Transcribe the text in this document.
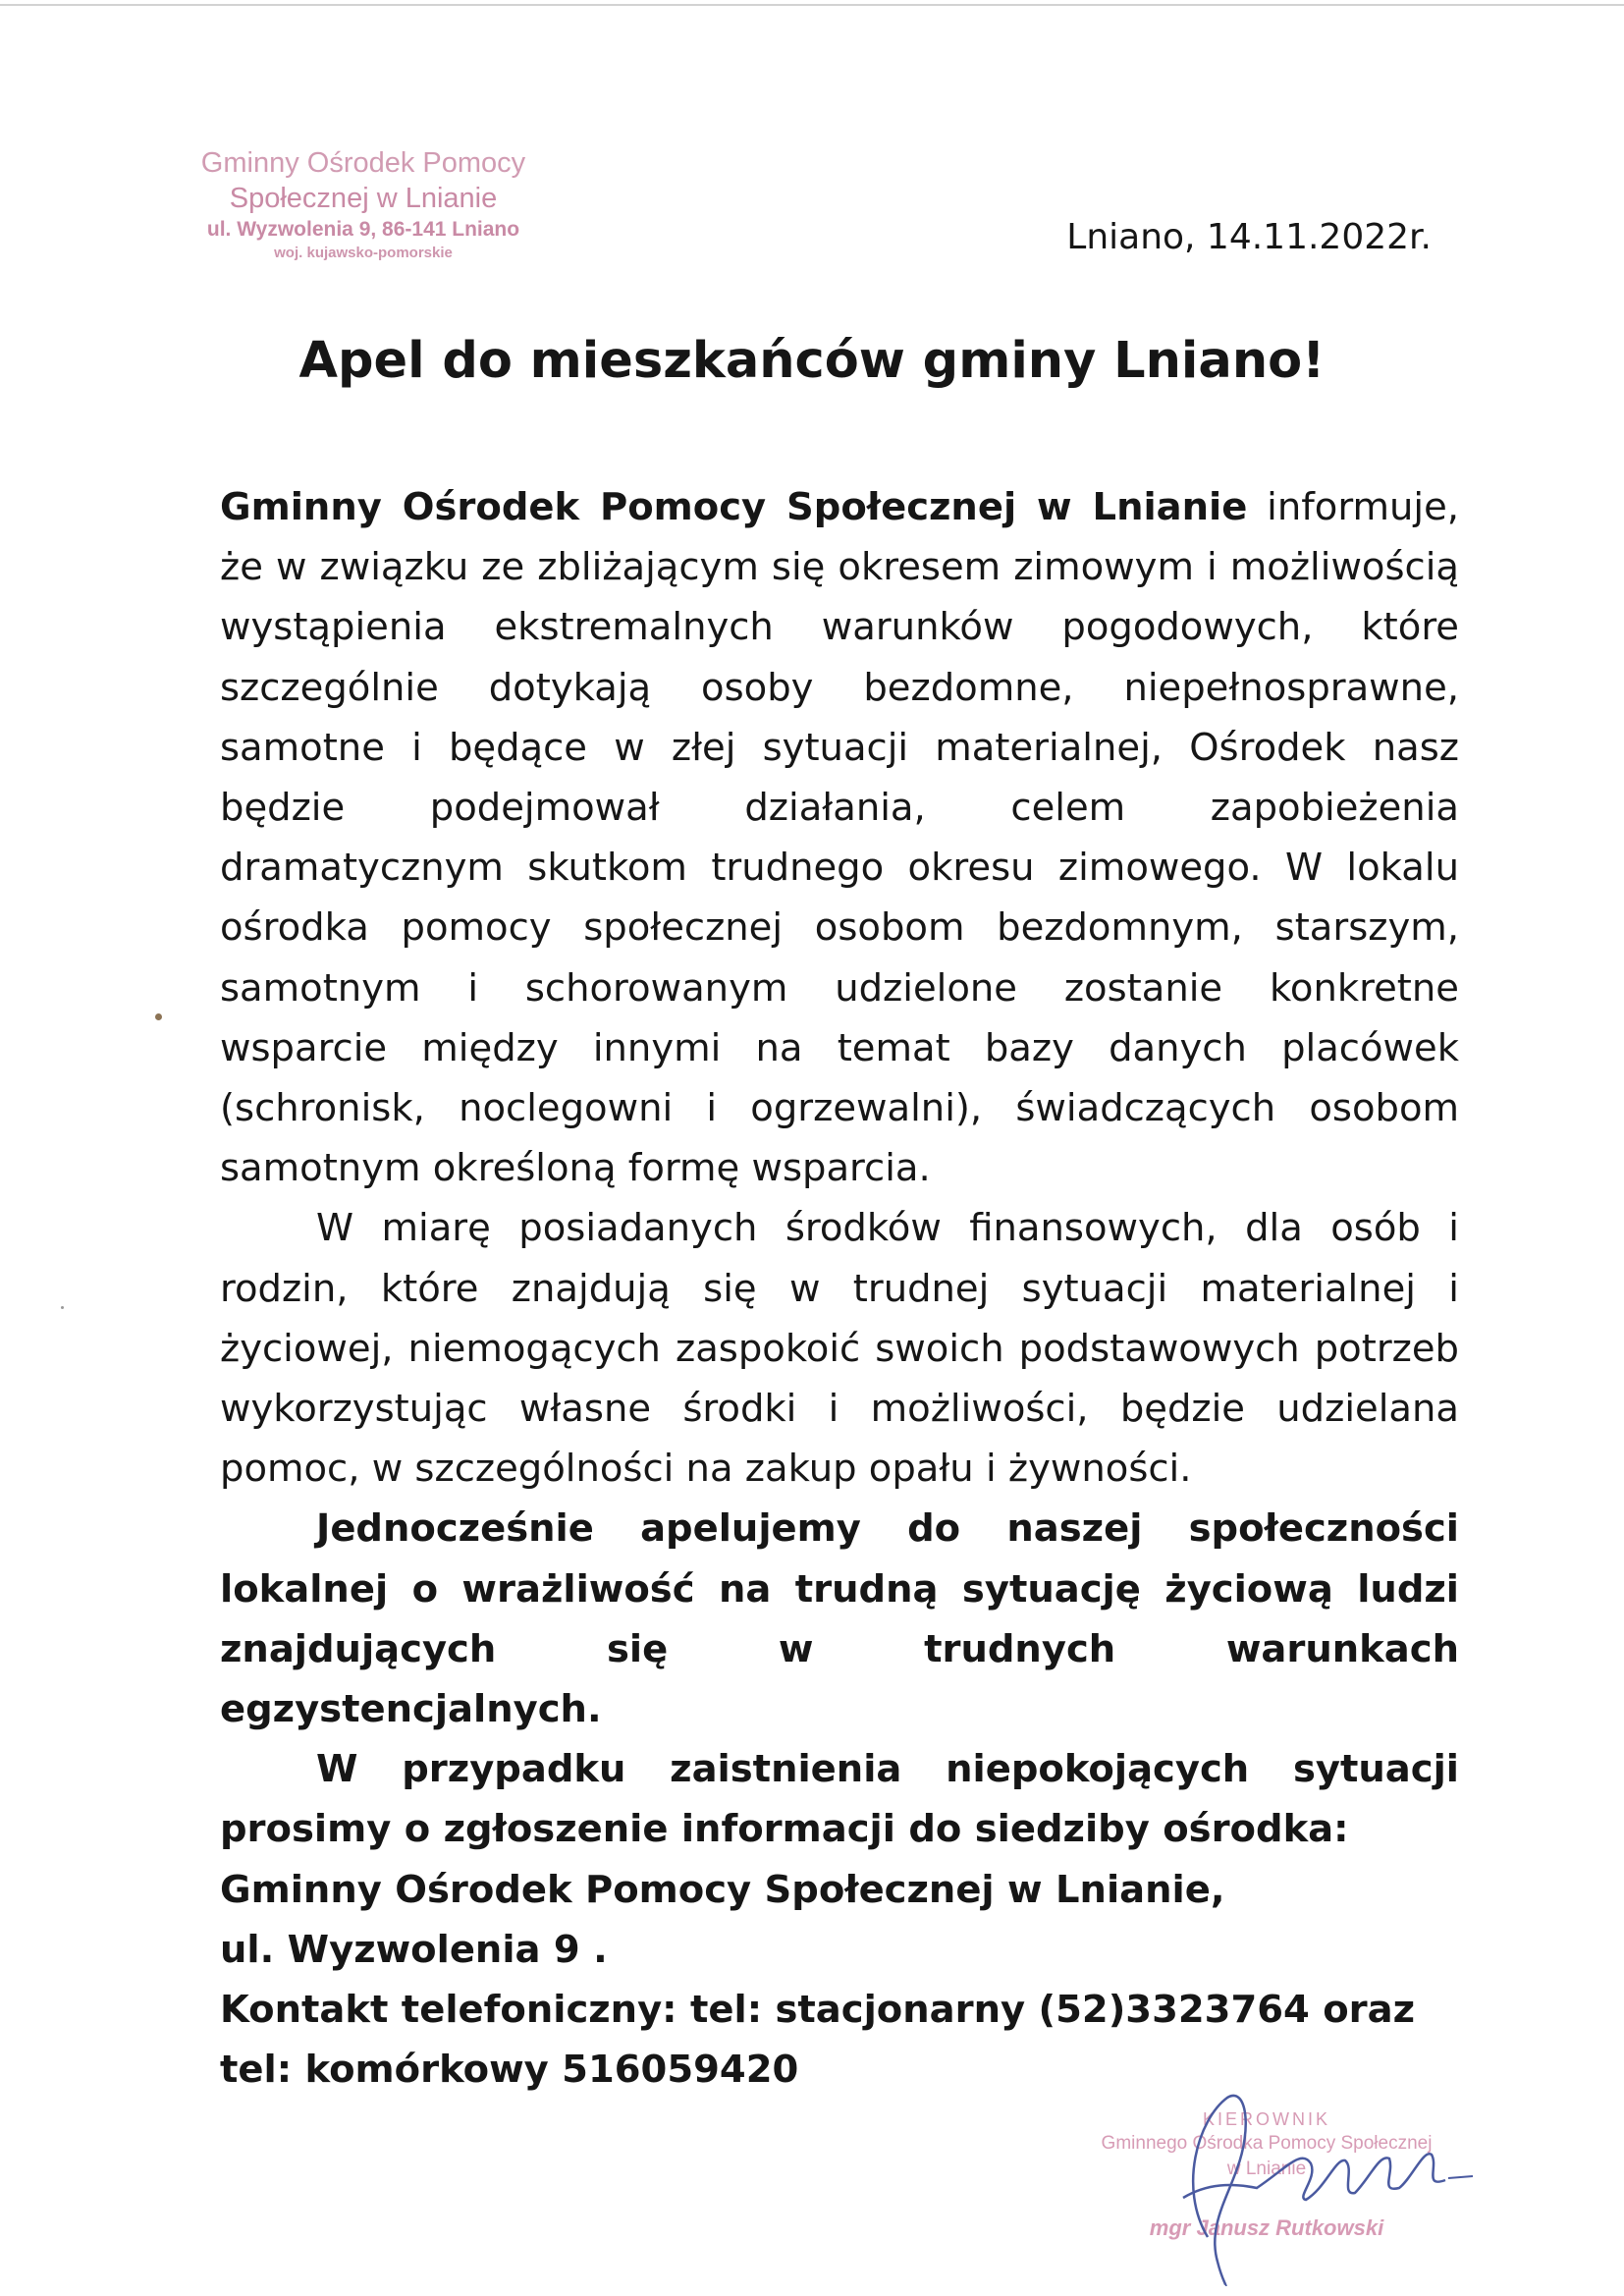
Gminny Ośrodek Pomocy
Społecznej w Lnianie
ul. Wyzwolenia 9, 86-141 Lniano
woj. kujawsko-pomorskie	Lniano, 14.11.2022r.
Apel do mieszkańców gminy Lniano!

Gminny Ośrodek Pomocy Społecznej w Lnianie informuje, że w związku ze zbliżającym się okresem zimowym i możliwością wystąpienia ekstremalnych warunków pogodowych, które szczególnie dotykają osoby bezdomne, niepełnosprawne, samotne i będące w złej sytuacji materialnej, Ośrodek nasz będzie podejmował działania, celem zapobieżenia dramatycznym skutkom trudnego okresu zimowego. W lokalu ośrodka pomocy społecznej osobom bezdomnym, starszym, samotnym i schorowanym udzielone zostanie konkretne wsparcie między innymi na temat bazy danych placówek (schronisk, noclegowni i ogrzewalni), świadczących osobom samotnym określoną formę wsparcia.

W miarę posiadanych środków finansowych, dla osób i rodzin, które znajdują się w trudnej sytuacji materialnej i życiowej, niemogących zaspokoić swoich podstawowych potrzeb wykorzystując własne środki i możliwości, będzie udzielana pomoc, w szczególności na zakup opału i żywności.

Jednocześnie apelujemy do naszej społeczności lokalnej o wrażliwość na trudną sytuację życiową ludzi znajdujących się w trudnych warunkach egzystencjalnych.

W przypadku zaistnienia niepokojących sytuacji prosimy o zgłoszenie informacji do siedziby ośrodka:

Gminny Ośrodek Pomocy Społecznej w Lnianie,

ul. Wyzwolenia 9 .

Kontakt telefoniczny: tel: stacjonarny (52)3323764 oraz tel: komórkowy 516059420

KIEROWNIK
Gminnego Ośrodka Pomocy Społecznej
w Lnianie
mgr Janusz Rutkowski
